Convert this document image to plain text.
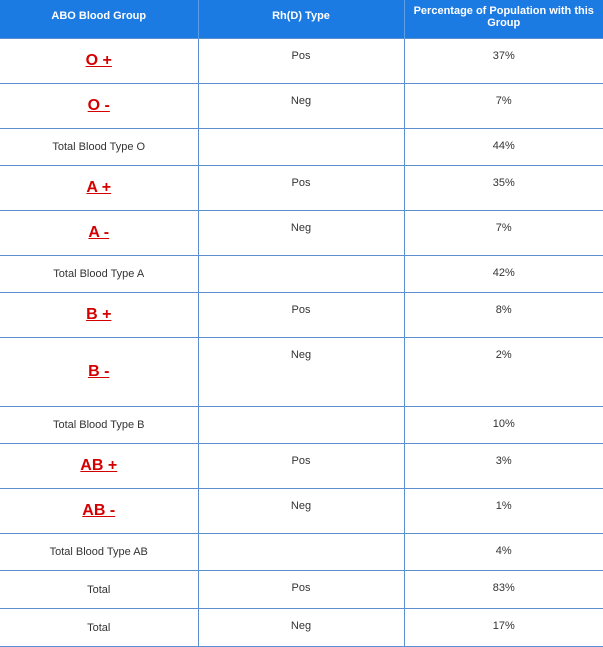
ABO Blood Group	Rh(D) Type	Percentage of Population with this Group

O +	Pos	37%

O -	Neg	7%

Total Blood Type O		44%

A +	Pos	35%

A -	Neg	7%

Total Blood Type A		42%

B +	Pos	8%

B -	Neg	2%

Total Blood Type B		10%

AB +	Pos	3%

AB -	Neg	1%

Total Blood Type AB		4%

Total	Pos	83%

Total	Neg	17%
